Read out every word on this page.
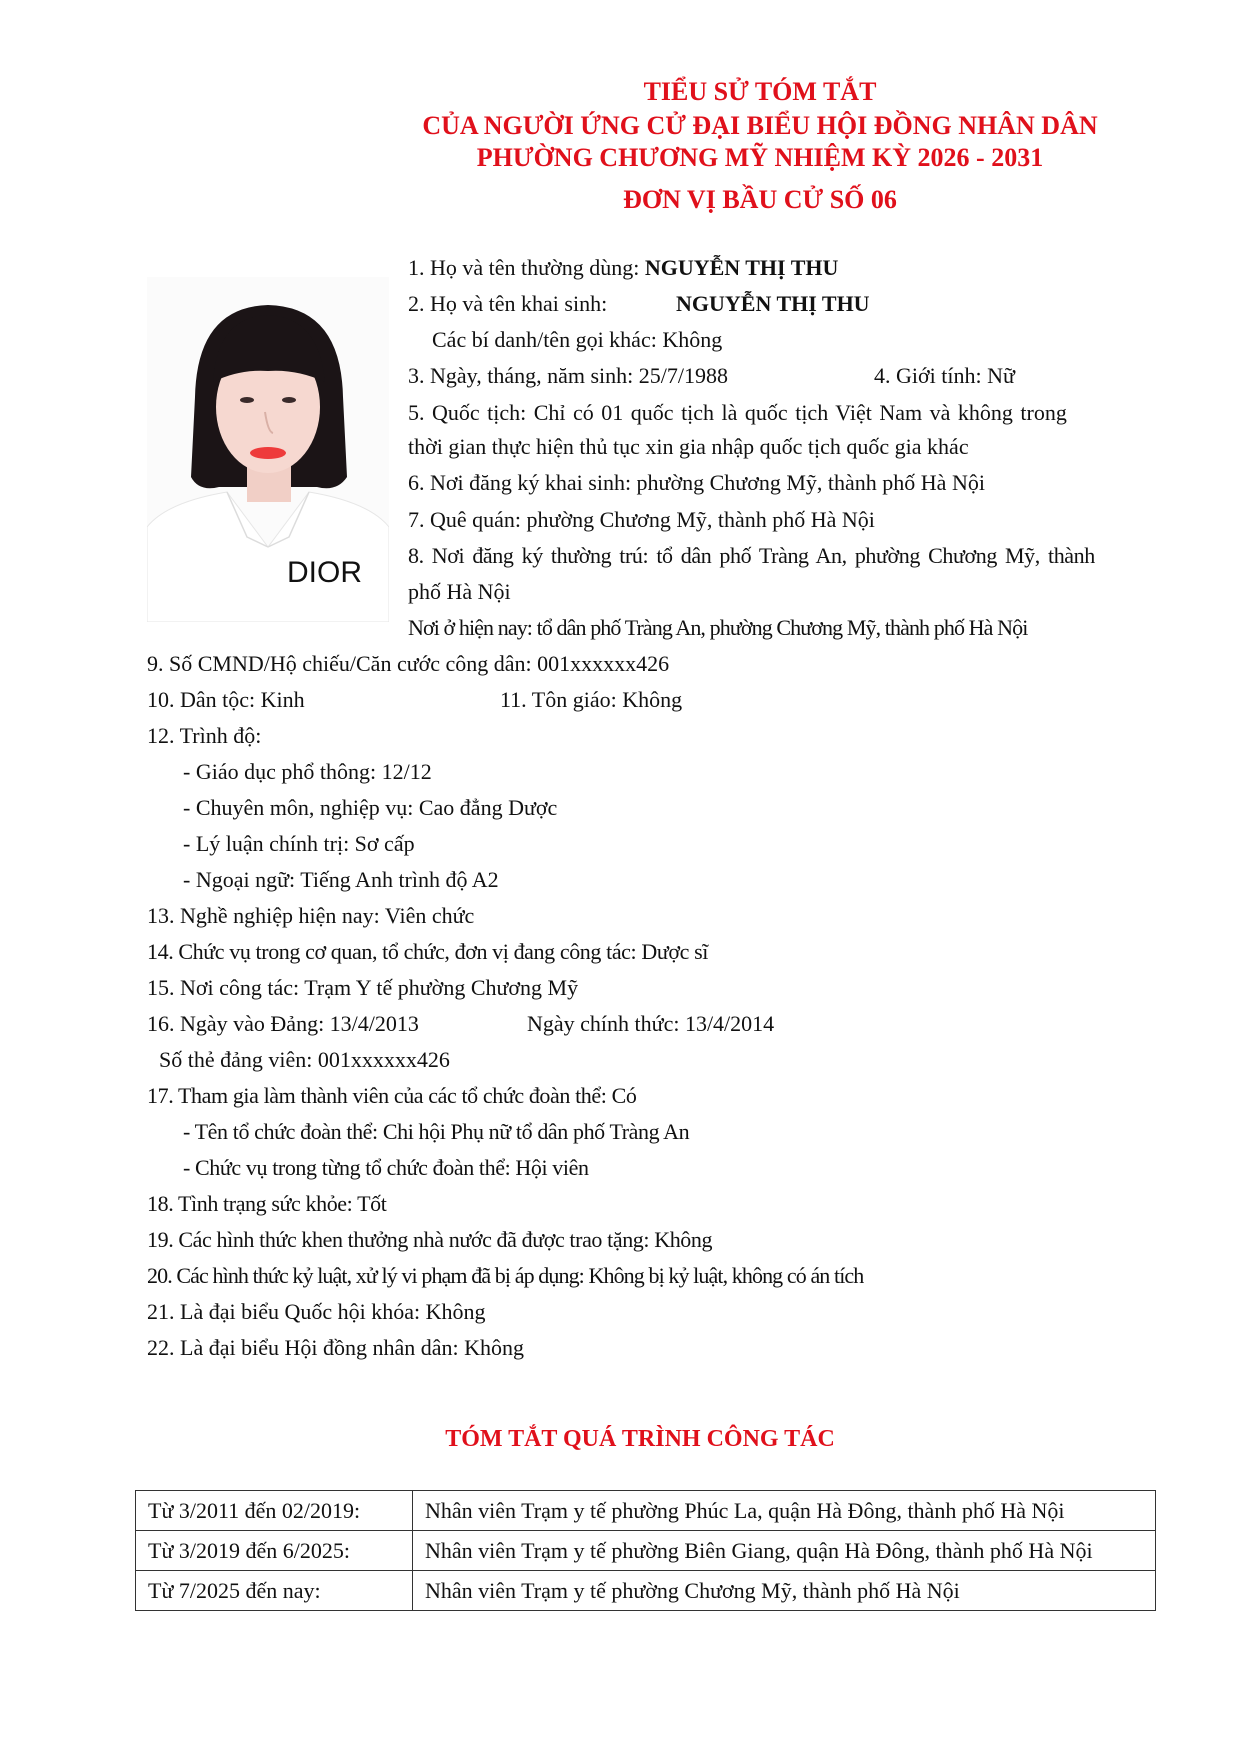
TIỂU SỬ TÓM TẮT
CỦA NGƯỜI ỨNG CỬ ĐẠI BIỂU HỘI ĐỒNG NHÂN DÂN
PHƯỜNG CHƯƠNG MỸ NHIỆM KỲ 2026 - 2031
ĐƠN VỊ BẦU CỬ SỐ 06
DIOR
1. Họ và tên thường dùng: NGUYỄN THỊ THU
2. Họ và tên khai sinh:	NGUYỄN THỊ THU
Các bí danh/tên gọi khác: Không
3. Ngày, tháng, năm sinh: 25/7/1988	4. Giới tính: Nữ
5. Quốc tịch: Chỉ có 01 quốc tịch là quốc tịch Việt Nam và không trong
thời gian thực hiện thủ tục xin gia nhập quốc tịch quốc gia khác
6. Nơi đăng ký khai sinh: phường Chương Mỹ, thành phố Hà Nội
7. Quê quán: phường Chương Mỹ, thành phố Hà Nội
8. Nơi đăng ký thường trú: tổ dân phố Tràng An, phường Chương Mỹ, thành
phố Hà Nội
Nơi ở hiện nay: tổ dân phố Tràng An, phường Chương Mỹ, thành phố Hà Nội
9. Số CMND/Hộ chiếu/Căn cước công dân: 001xxxxxx426
10. Dân tộc: Kinh	11. Tôn giáo: Không
12. Trình độ:
- Giáo dục phổ thông: 12/12
- Chuyên môn, nghiệp vụ: Cao đẳng Dược
- Lý luận chính trị: Sơ cấp
- Ngoại ngữ: Tiếng Anh trình độ A2
13. Nghề nghiệp hiện nay: Viên chức
14. Chức vụ trong cơ quan, tổ chức, đơn vị đang công tác: Dược sĩ
15. Nơi công tác: Trạm Y tế phường Chương Mỹ
16. Ngày vào Đảng: 13/4/2013	Ngày chính thức: 13/4/2014
Số thẻ đảng viên: 001xxxxxx426
17. Tham gia làm thành viên của các tổ chức đoàn thể: Có
- Tên tổ chức đoàn thể: Chi hội Phụ nữ tổ dân phố Tràng An
- Chức vụ trong từng tổ chức đoàn thể: Hội viên
18. Tình trạng sức khỏe: Tốt
19. Các hình thức khen thưởng nhà nước đã được trao tặng: Không
20. Các hình thức kỷ luật, xử lý vi phạm đã bị áp dụng: Không bị kỷ luật, không có án tích
21. Là đại biểu Quốc hội khóa: Không
22. Là đại biểu Hội đồng nhân dân: Không
TÓM TẮT QUÁ TRÌNH CÔNG TÁC
Từ 3/2011 đến 02/2019:	Nhân viên Trạm y tế phường Phúc La, quận Hà Đông, thành phố Hà Nội
Từ 3/2019 đến 6/2025:	Nhân viên Trạm y tế phường Biên Giang, quận Hà Đông, thành phố Hà Nội
Từ 7/2025 đến nay:	Nhân viên Trạm y tế phường Chương Mỹ, thành phố Hà Nội
